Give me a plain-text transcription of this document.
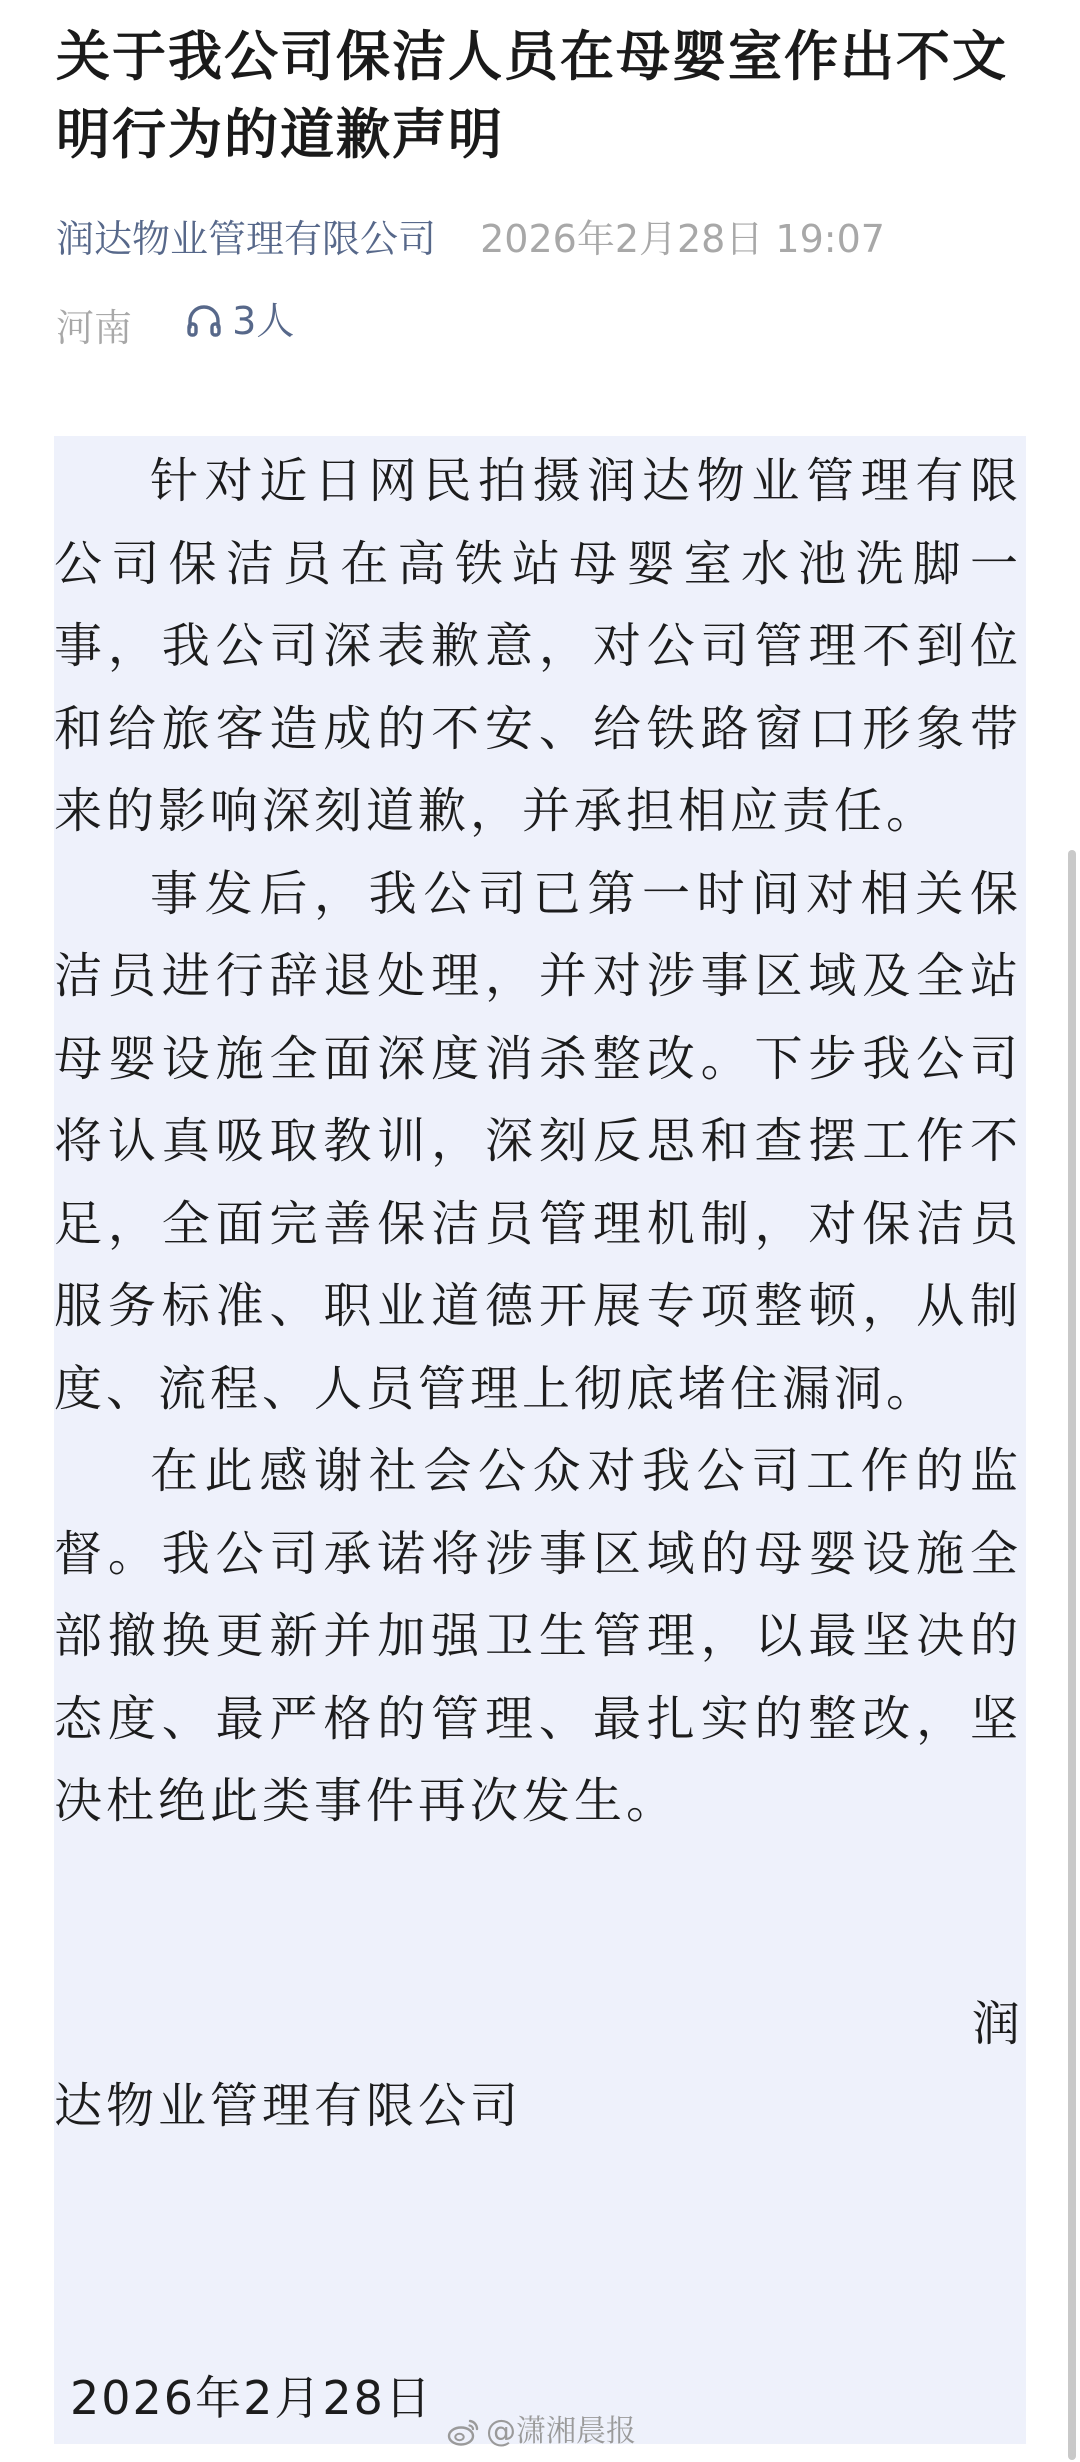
关于我公司保洁人员在母婴室作出不文明行为的道歉声明
润达物业管理有限公司 2026年2月28日 19:07
河南	3人

针对近日网民拍摄润达物业管理有限公司保洁员在高铁站母婴室水池洗脚一事，我公司深表歉意，对公司管理不到位和给旅客造成的不安、给铁路窗口形象带来的影响深刻道歉，并承担相应责任。

事发后，我公司已第一时间对相关保洁员进行辞退处理，并对涉事区域及全站母婴设施全面深度消杀整改。下步我公司将认真吸取教训，深刻反思和查摆工作不足，全面完善保洁员管理机制，对保洁员服务标准、职业道德开展专项整顿，从制度、流程、人员管理上彻底堵住漏洞。

在此感谢社会公众对我公司工作的监督。我公司承诺将涉事区域的母婴设施全部撤换更新并加强卫生管理，以最坚决的态度、最严格的管理、最扎实的整改，坚决杜绝此类事件再次发生。

润达物业管理有限公司

2026年2月28日

@潇湘晨报
